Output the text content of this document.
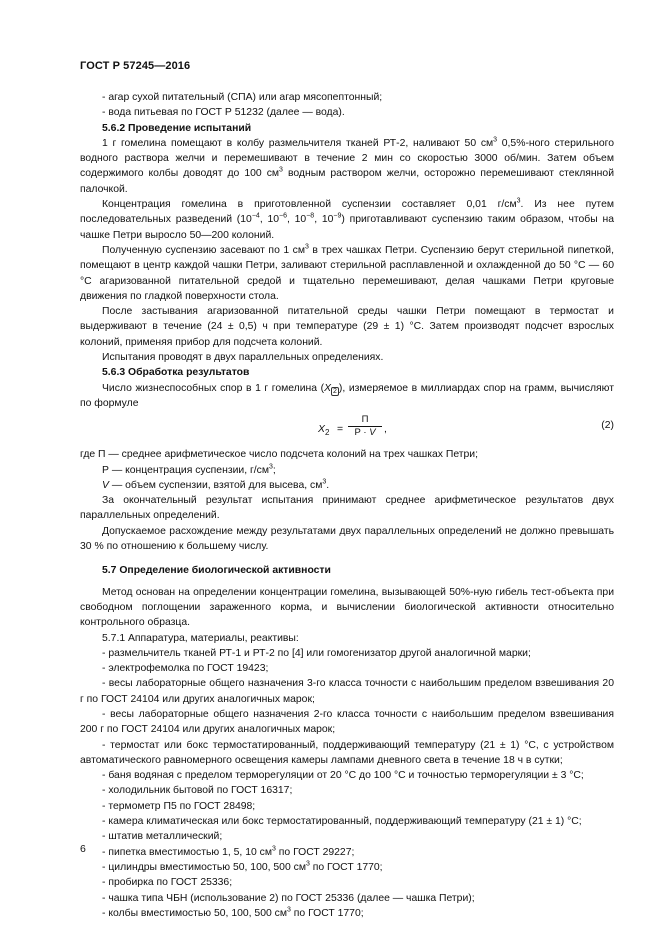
ГОСТ Р 57245—2016

- агар сухой питательный (СПА) или агар мясопептонный;

- вода питьевая по ГОСТ Р 51232 (далее — вода).

5.6.2 Проведение испытаний

1 г гомелина помещают в колбу размельчителя тканей РТ-2, наливают 50 $см^3$ 0,5%-ного стерильного водного раствора желчи и перемешивают в течение 2 мин со скоростью 3000 об/мин. Затем объем содержимого колбы доводят до 100 $см^3$ водным раствором желчи, осторожно перемешивают стеклянной палочкой.

Концентрация гомелина в приготовленной суспензии составляет 0,01 $г/см^3$. Из нее путем последовательных разведений ($10^{-4}$, $10^{-6}$, $10^{-8}$, $10^{-9}$) приготавливают суспензию таким образом, чтобы на чашке Петри выросло 50—200 колоний.

Полученную суспензию засевают по 1 $см^3$ в трех чашках Петри. Суспензию берут стерильной пипеткой, помещают в центр каждой чашки Петри, заливают стерильной расплавленной и охлажденной до 50 °С — 60 °С агаризованной питательной средой и тщательно перемешивают, делая чашками Петри круговые движения по гладкой поверхности стола.

После застывания агаризованной питательной среды чашки Петри помещают в термостат и выдерживают в течение (24 ± 0,5) ч при температуре (29 ± 1) °С. Затем производят подсчет взрослых колоний, применяя прибор для подсчета колоний.

Испытания проводят в двух параллельных определениях.

5.6.3 Обработка результатов

Число жизнеспособных спор в 1 г гомелина (X $_2$ ), измеряемое в миллиардах спор на грамм, вычисляют по формуле

$X_2$ =
П
Р · V ,	(2)

где П — среднее арифметическое число подсчета колоний на трех чашках Петри;

Р — концентрация суспензии, $г/см^3$;

V — объем суспензии, взятой для высева, $см^3$.

За окончательный результат испытания принимают среднее арифметическое результатов двух параллельных определений.

Допускаемое расхождение между результатами двух параллельных определений не должно превышать 30 % по отношению к большему числу.

5.7 Определение биологической активности

Метод основан на определении концентрации гомелина, вызывающей 50%-ную гибель тест-объекта при свободном поглощении зараженного корма, и вычислении биологической активности относительно контрольного образца.

5.7.1 Аппаратура, материалы, реактивы:

- размельчитель тканей РТ-1 и РТ-2 по [4] или гомогенизатор другой аналогичной марки;

- электрофемолка по ГОСТ 19423;

- весы лабораторные общего назначения 3-го класса точности с наибольшим пределом взвешивания 20 г по ГОСТ 24104 или других аналогичных марок;

- весы лабораторные общего назначения 2-го класса точности с наибольшим пределом взвешивания 200 г по ГОСТ 24104 или других аналогичных марок;

- термостат или бокс термостатированный, поддерживающий температуру (21 ± 1) °С, с устройством автоматического равномерного освещения камеры лампами дневного света в течение 18 ч в сутки;

- баня водяная с пределом терморегуляции от 20 °С до 100 °С и точностью терморегуляции ± 3 °С;

- холодильник бытовой по ГОСТ 16317;

- термометр П5 по ГОСТ 28498;

- камера климатическая или бокс термостатированный, поддерживающий температуру (21 ± 1) °С;

- штатив металлический;

- пипетка вместимостью 1, 5, 10 $см^3$ по ГОСТ 29227;

- цилиндры вместимостью 50, 100, 500 $см^3$ по ГОСТ 1770;

- пробирка по ГОСТ 25336;

- чашка типа ЧБН (использование 2) по ГОСТ 25336 (далее — чашка Петри);

- колбы вместимостью 50, 100, 500 $см^3$ по ГОСТ 1770;

6
